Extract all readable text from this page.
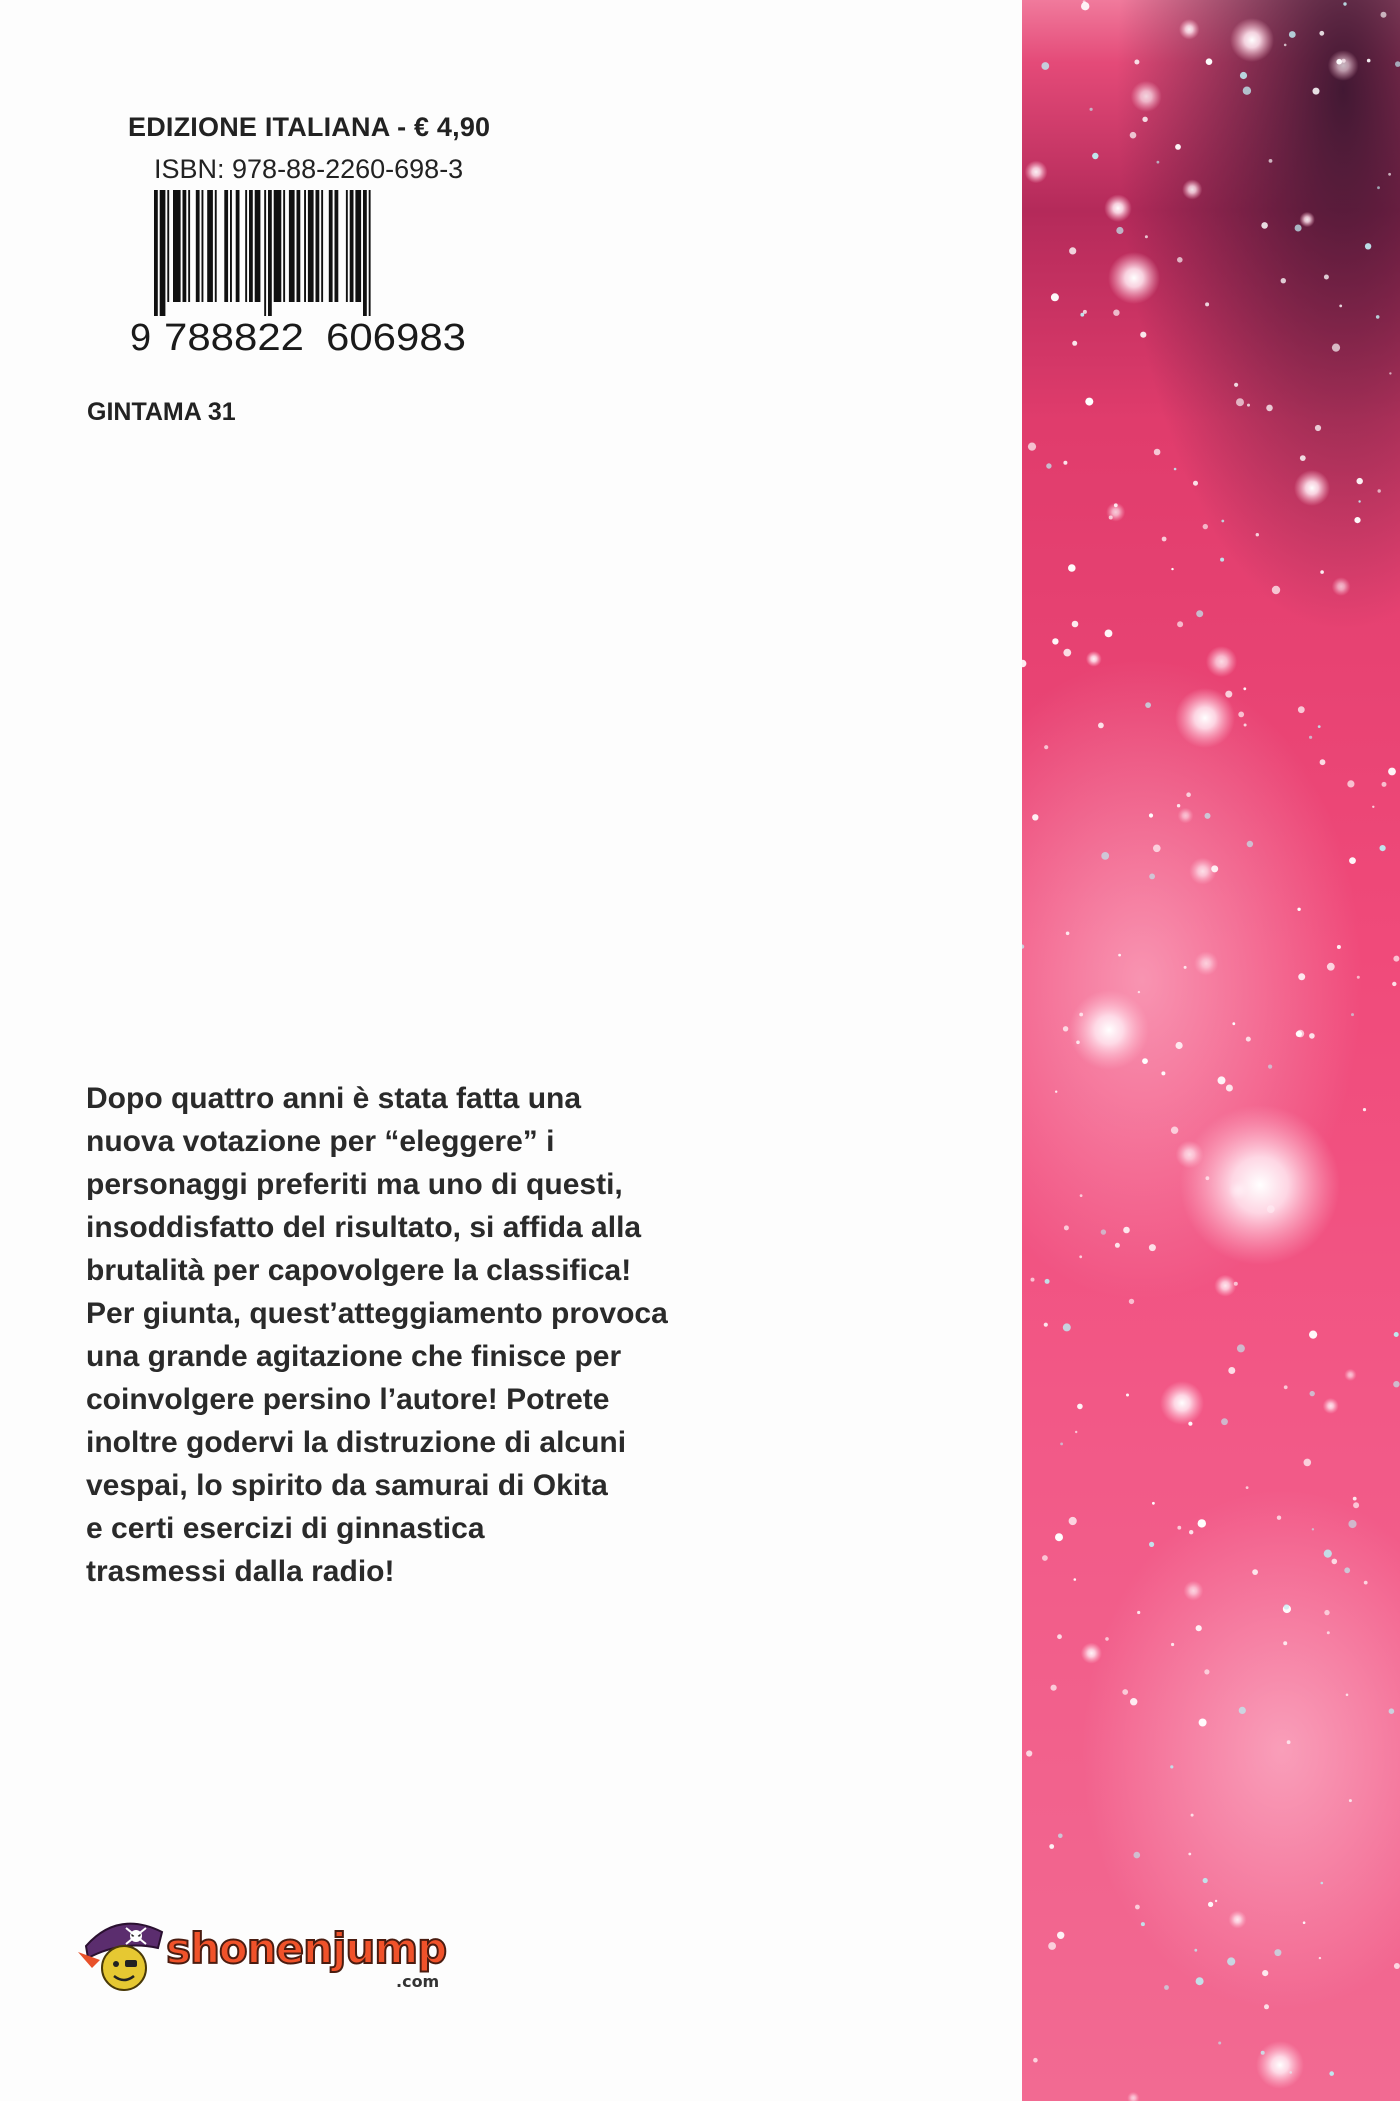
EDIZIONE ITALIANA - € 4,90
ISBN: 978-88-2260-698-3
9 788822 606983
GINTAMA 31
Dopo quattro anni è stata fatta una
nuova votazione per “eleggere” i
personaggi preferiti ma uno di questi,
insoddisfatto del risultato, si affida alla
brutalità per capovolgere la classifica!
Per giunta, quest’atteggiamento provoca
una grande agitazione che finisce per
coinvolgere persino l’autore! Potrete
inoltre godervi la distruzione di alcuni
vespai, lo spirito da samurai di Okita
e certi esercizi di ginnastica
trasmessi dalla radio!
shonenjump
.com
